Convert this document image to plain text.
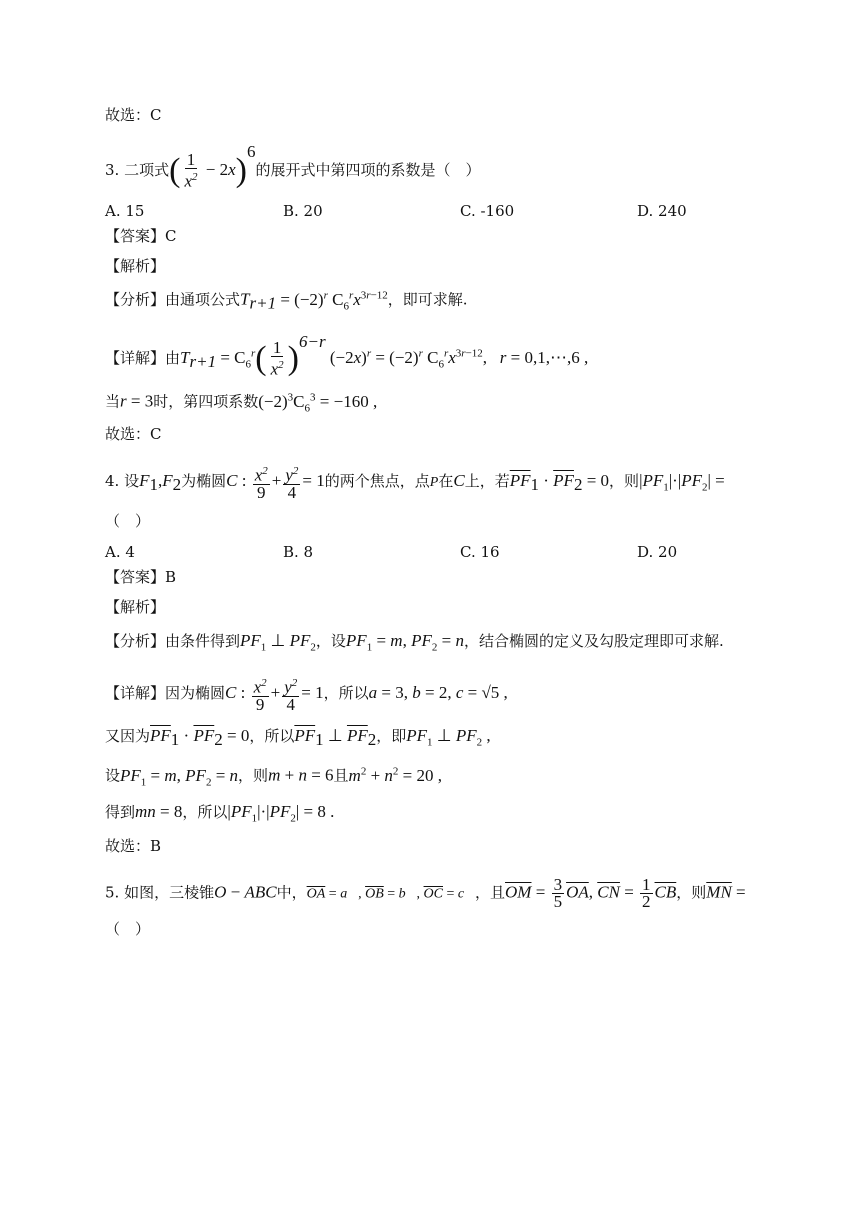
故选：C
3. 二项式( $\frac{1}{x^2} - 2x)^6$的展开式中第四项的系数是（　）
A. 15	B. 20	C. -160	D. 240
【答案】C
【解析】
【分析】由通项公式$T_{r+1} = (-2)^r$ $C_6^rx^{3r-12}$，即可求解.
【详解】由$T_{r+1} = C_6^r( \frac{1}{x^2} )^{6-r}$ $(-2x)^r = (-2)^r$ $C_6^rx^{3r-12}$,   r = 0,1,⋯,6 ,
当r = 3时，第四项系数$(-2)^3C_6^3 = -160$ ,
故选：C
4. 设$F_1,F_2$为椭圆C : $\frac{x^2}{9} + \frac{y^2}{4} = 1$的两个焦点，点P在C上，若$\overline{PF}_1 \cdot \overline{PF}_2 = 0$，则$|PF_1|\cdot|PF_2|$ =
（　）
A. 4	B. 8	C. 16	D. 20
【答案】B
【解析】
【分析】由条件得到$PF_1$ ⊥ $PF_2$，设$PF_1 = m$, $PF_2 = n$，结合椭圆的定义及勾股定理即可求解.
【详解】因为椭圆C : $\frac{x^2}{9} + \frac{y^2}{4} = 1$，所以a = 3, b = 2, c = √5 ,
又因为$\overline{PF}_1 \cdot \overline{PF}_2 = 0$，所以$\overline{PF}_1$ ⊥ $\overline{PF}_2$，即$PF_1$ ⊥ $PF_2$ ,
设$PF_1 = m$, $PF_2 = n$，则m + n = 6且$m^2 + n^2 = 20$ ,
得到mn = 8，所以$|PF_1|\cdot|PF_2| = 8$ .
故选：B
5. 如图，三棱锥O − ABC中，$\overline{OA}$ = a⃗, $\overline{OB}$ = b⃗, $\overline{OC}$ = c⃗，且$\overline{OM} = \frac{3}{5} \overline{OA}$, $\overline{CN} = \frac{1}{2} \overline{CB}$，则$\overline{MN}$ =
（　）
